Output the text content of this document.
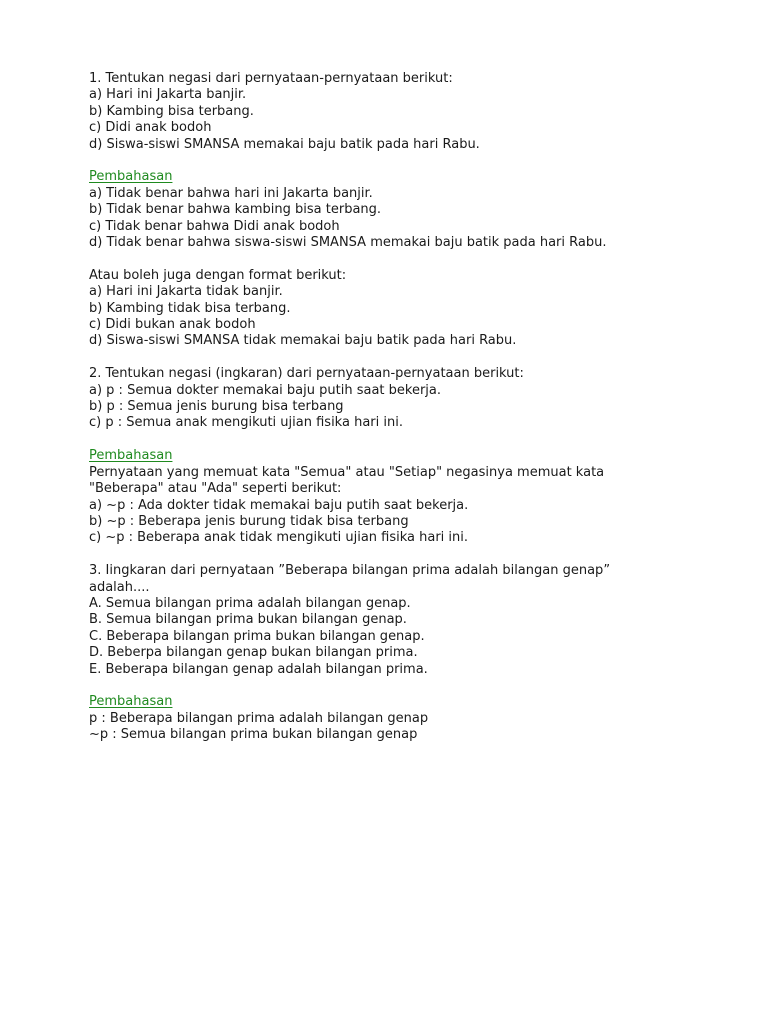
1. Tentukan negasi dari pernyataan-pernyataan berikut:
a) Hari ini Jakarta banjir.
b) Kambing bisa terbang.
c) Didi anak bodoh
d) Siswa-siswi SMANSA memakai baju batik pada hari Rabu.
Pembahasan
a) Tidak benar bahwa hari ini Jakarta banjir.
b) Tidak benar bahwa kambing bisa terbang.
c) Tidak benar bahwa Didi anak bodoh
d) Tidak benar bahwa siswa-siswi SMANSA memakai baju batik pada hari Rabu.
Atau boleh juga dengan format berikut:
a) Hari ini Jakarta tidak banjir.
b) Kambing tidak bisa terbang.
c) Didi bukan anak bodoh
d) Siswa-siswi SMANSA tidak memakai baju batik pada hari Rabu.
2. Tentukan negasi (ingkaran) dari pernyataan-pernyataan berikut:
a) p : Semua dokter memakai baju putih saat bekerja.
b) p : Semua jenis burung bisa terbang
c) p : Semua anak mengikuti ujian fisika hari ini.
Pembahasan
Pernyataan yang memuat kata "Semua" atau "Setiap" negasinya memuat kata "Beberapa" atau "Ada" seperti berikut:
a) ~p : Ada dokter tidak memakai baju putih saat bekerja.
b) ~p : Beberapa jenis burung tidak bisa terbang
c) ~p : Beberapa anak tidak mengikuti ujian fisika hari ini.
3. Iingkaran dari pernyataan ”Beberapa bilangan prima adalah bilangan genap” adalah....
A. Semua bilangan prima adalah bilangan genap.
B. Semua bilangan prima bukan bilangan genap.
C. Beberapa bilangan prima bukan bilangan genap.
D. Beberpa bilangan genap bukan bilangan prima.
E. Beberapa bilangan genap adalah bilangan prima.
Pembahasan
p : Beberapa bilangan prima adalah bilangan genap
~p : Semua bilangan prima bukan bilangan genap
